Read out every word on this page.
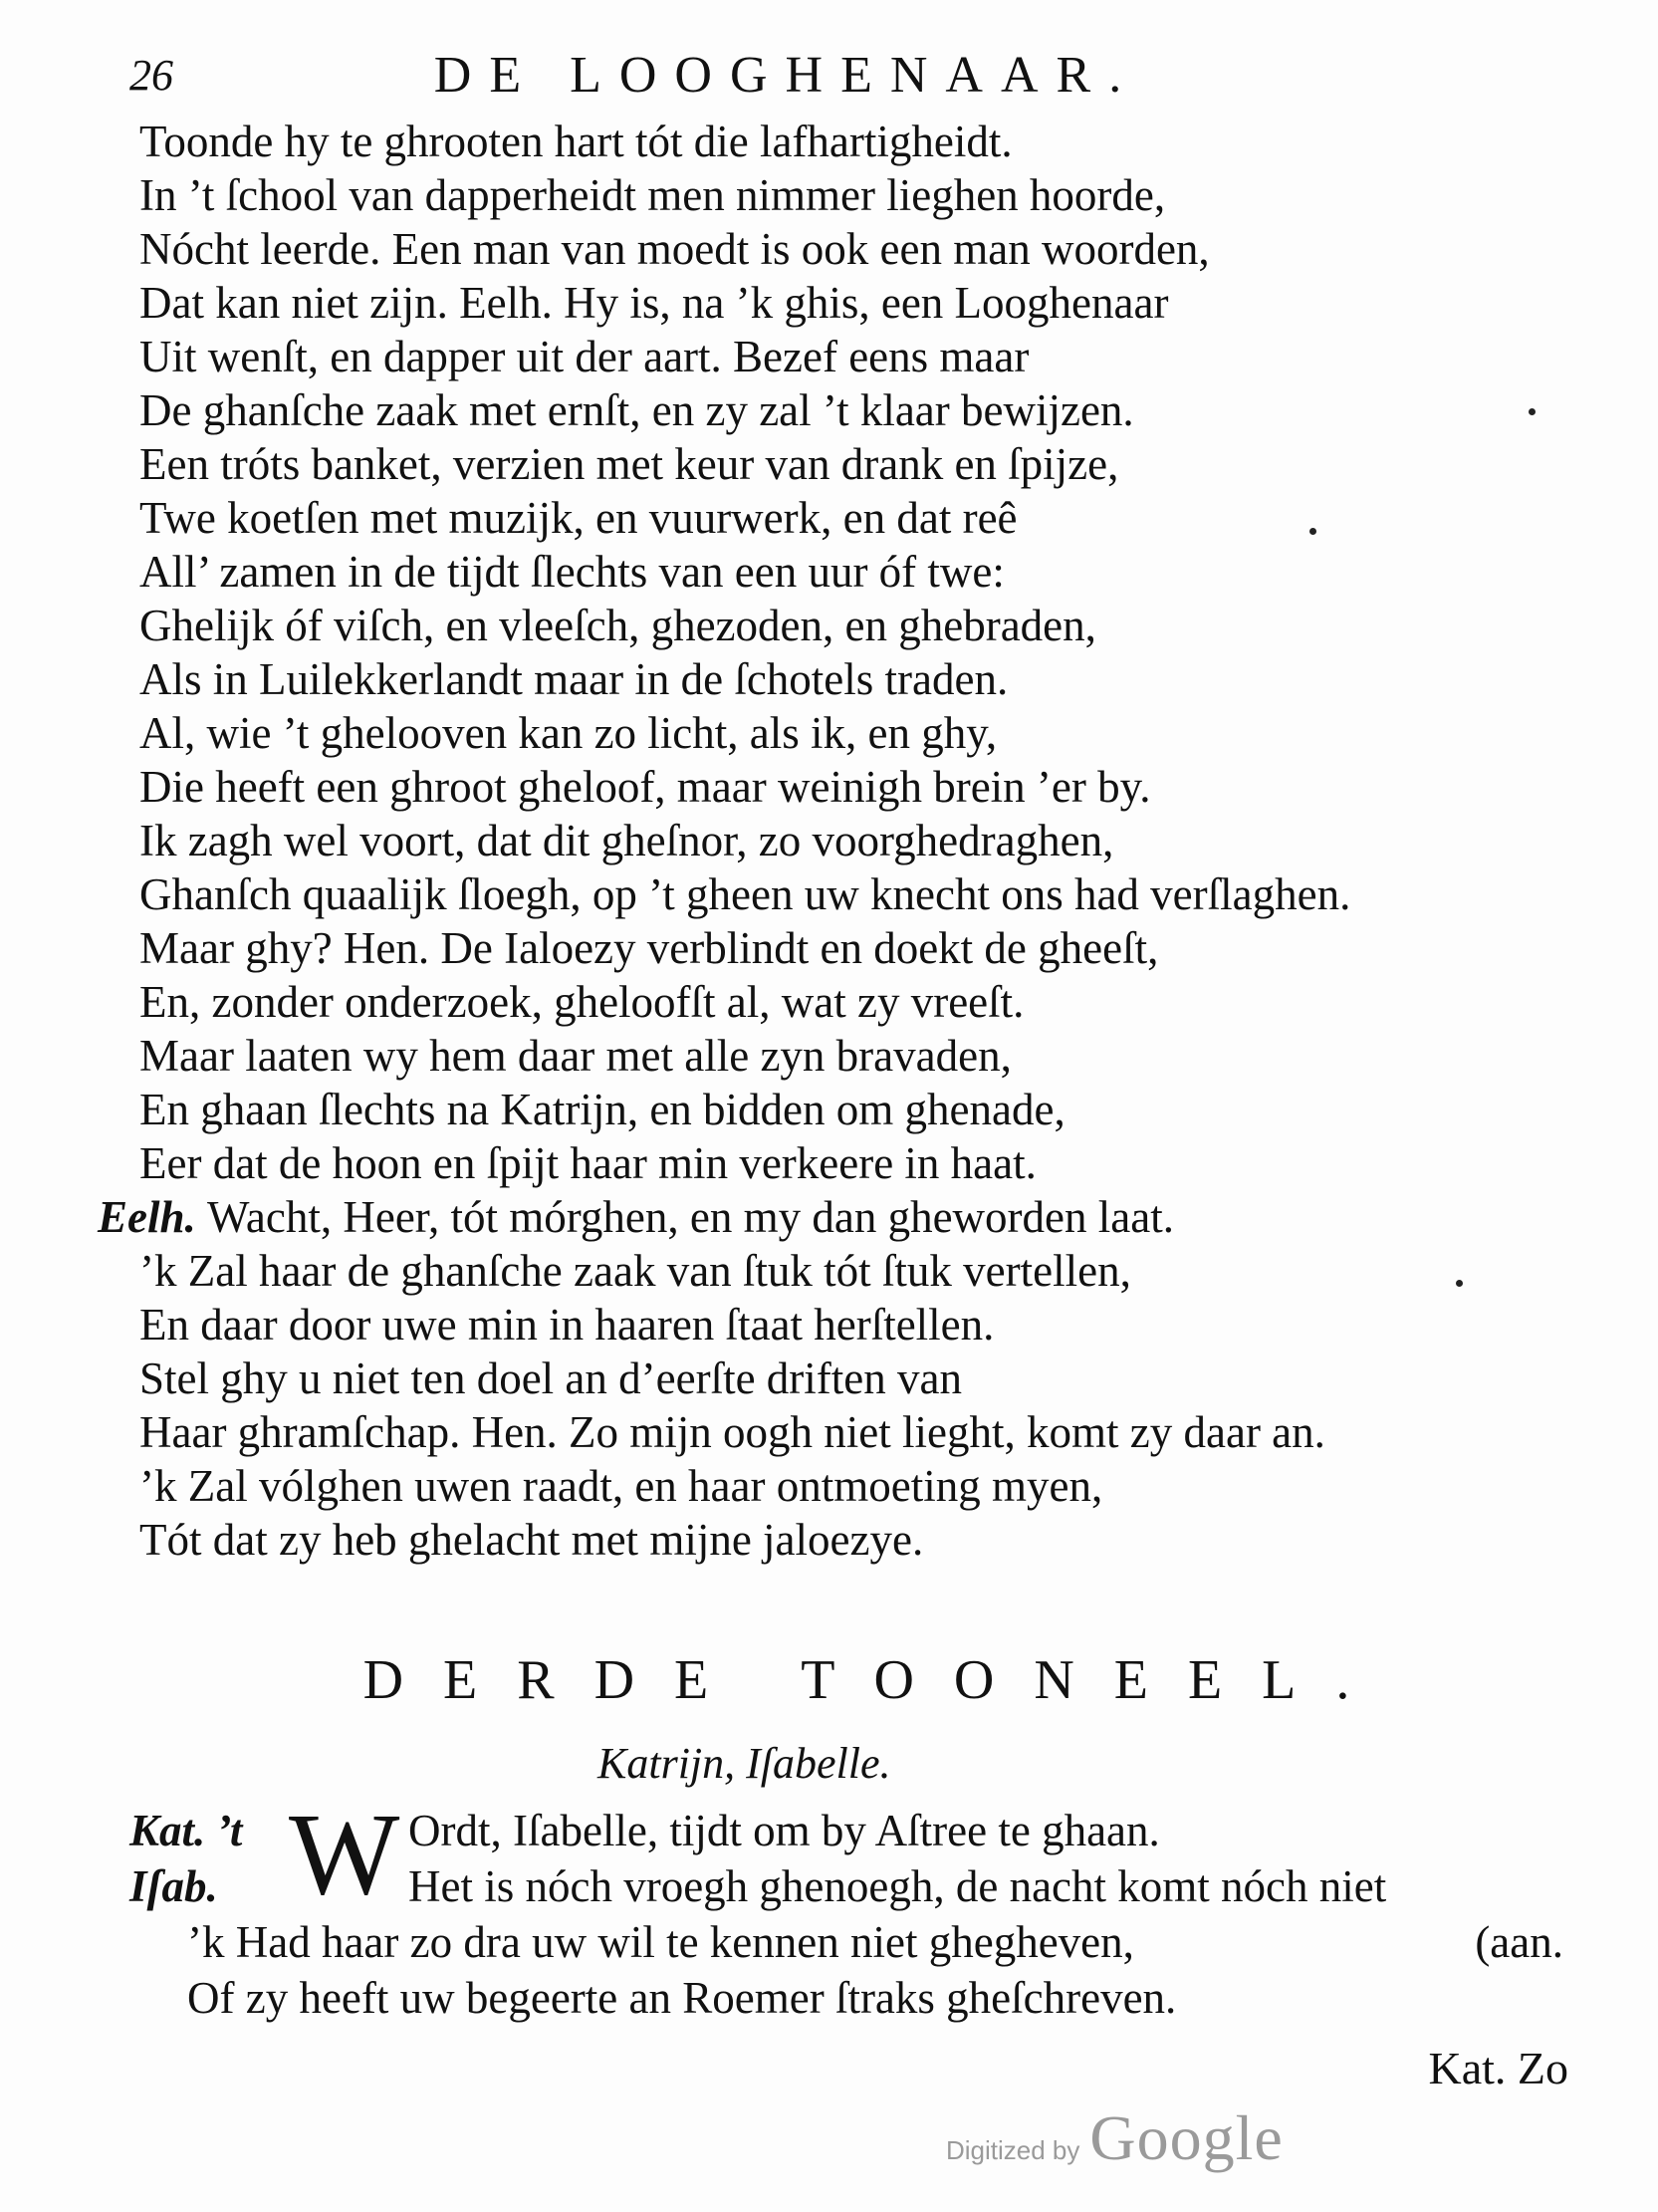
26	DE LOOGHENAAR.
Toonde hy te ghrooten hart tót die lafhartigheidt.
In ’t ſchool van dapperheidt men nimmer lieghen hoorde,
Nócht leerde. Een man van moedt is ook een man woorden,
Dat kan niet zijn. Eelh. Hy is, na ’k ghis, een Looghenaar
Uit wenſt, en dapper uit der aart. Bezef eens maar
De ghanſche zaak met ernſt, en zy zal ’t klaar bewijzen.
Een tróts banket, verzien met keur van drank en ſpijze,
Twe koetſen met muzijk, en vuurwerk, en dat reê
All’ zamen in de tijdt ſlechts van een uur óf twe:
Ghelijk óf viſch, en vleeſch, ghezoden, en ghebraden,
Als in Luilekkerlandt maar in de ſchotels traden.
Al, wie ’t ghelooven kan zo licht, als ik, en ghy,
Die heeft een ghroot gheloof, maar weinigh brein ’er by.
Ik zagh wel voort, dat dit gheſnor, zo voorghedraghen,
Ghanſch quaalijk ſloegh, op ’t gheen uw knecht ons had verſlaghen.
Maar ghy? Hen. De Ialoezy verblindt en doekt de gheeſt,
En, zonder onderzoek, gheloofſt al, wat zy vreeſt.
Maar laaten wy hem daar met alle zyn bravaden,
En ghaan ſlechts na Katrijn, en bidden om ghenade,
Eer dat de hoon en ſpijt haar min verkeere in haat.
Eelh. Wacht, Heer, tót mórghen, en my dan gheworden laat.
’k Zal haar de ghanſche zaak van ſtuk tót ſtuk vertellen,
En daar door uwe min in haaren ſtaat herſtellen.
Stel ghy u niet ten doel an d’eerſte driften van
Haar ghramſchap. Hen. Zo mijn oogh niet lieght, komt zy daar an.
’k Zal vólghen uwen raadt, en haar ontmoeting myen,
Tót dat zy heb ghelacht met mijne jaloezye.
DERDE TOONEEL.
Katrijn, Iſabelle.
Kat. ’t W Ordt, Iſabelle, tijdt om by Aſtree te ghaan.
Iſab.	Het is nóch vroegh ghenoegh, de nacht komt nóch niet
’k Had haar zo dra uw wil te kennen niet ghegheven,	(aan.
Of zy heeft uw begeerte an Roemer ſtraks gheſchreven.
Kat. Zo
Digitized by Google
